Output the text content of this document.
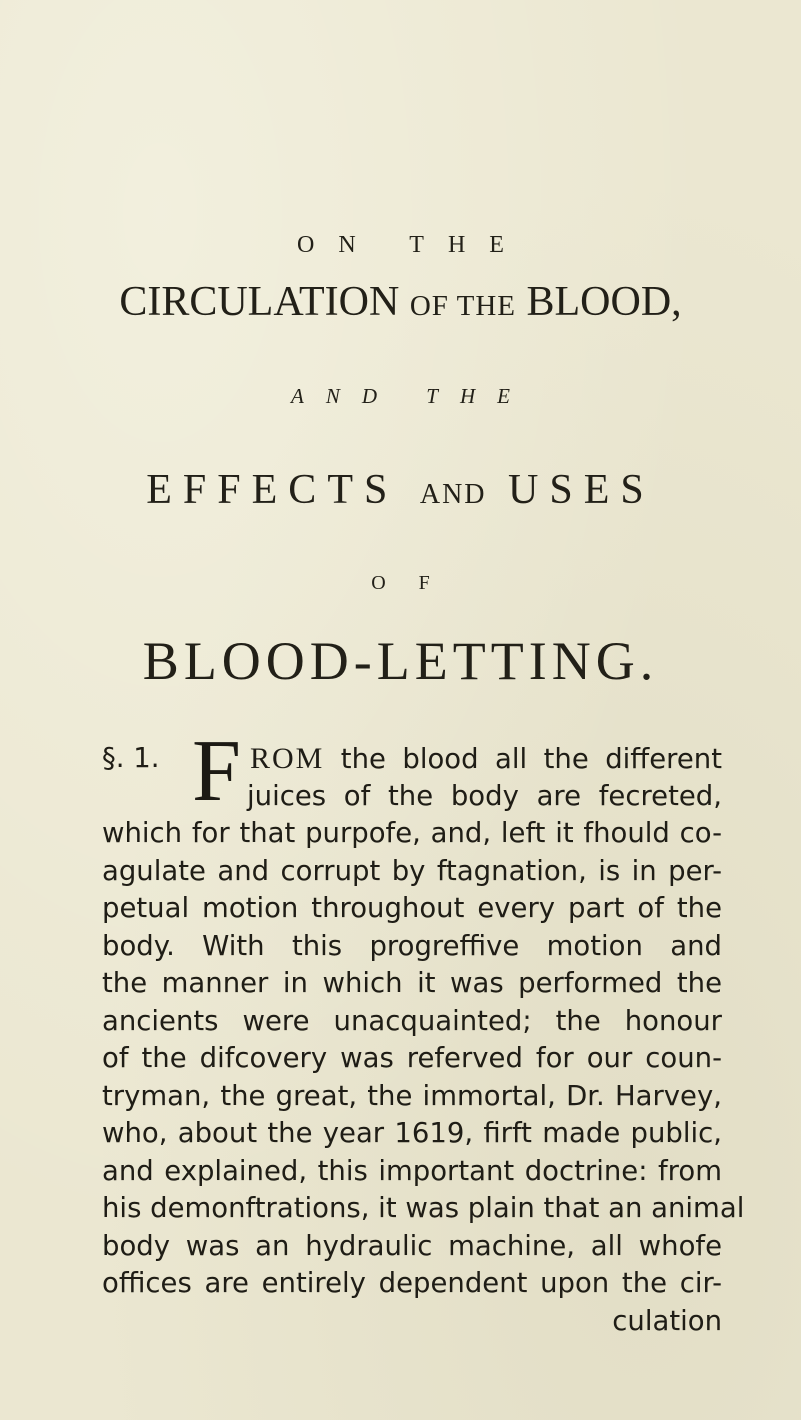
ON THE
CIRCULATION OF THE BLOOD,
AND THE
EFFECTS AND USES
O F
BLOOD-LETTING.
§. 1. F ROM the blood all the different
juices of the body are fecreted,
which for that purpofe, and, left it fhould co-
agulate and corrupt by ftagnation, is in per-
petual motion throughout every part of the
body. With this progreffive motion and
the manner in which it was performed the
ancients were unacquainted; the honour
of the difcovery was referved for our coun-
tryman, the great, the immortal, Dr. Harvey,
who, about the year 1619, firft made public,
and explained, this important doctrine: from
his demonftrations, it was plain that an animal
body was an hydraulic machine, all whofe
offices are entirely dependent upon the cir-
culation
